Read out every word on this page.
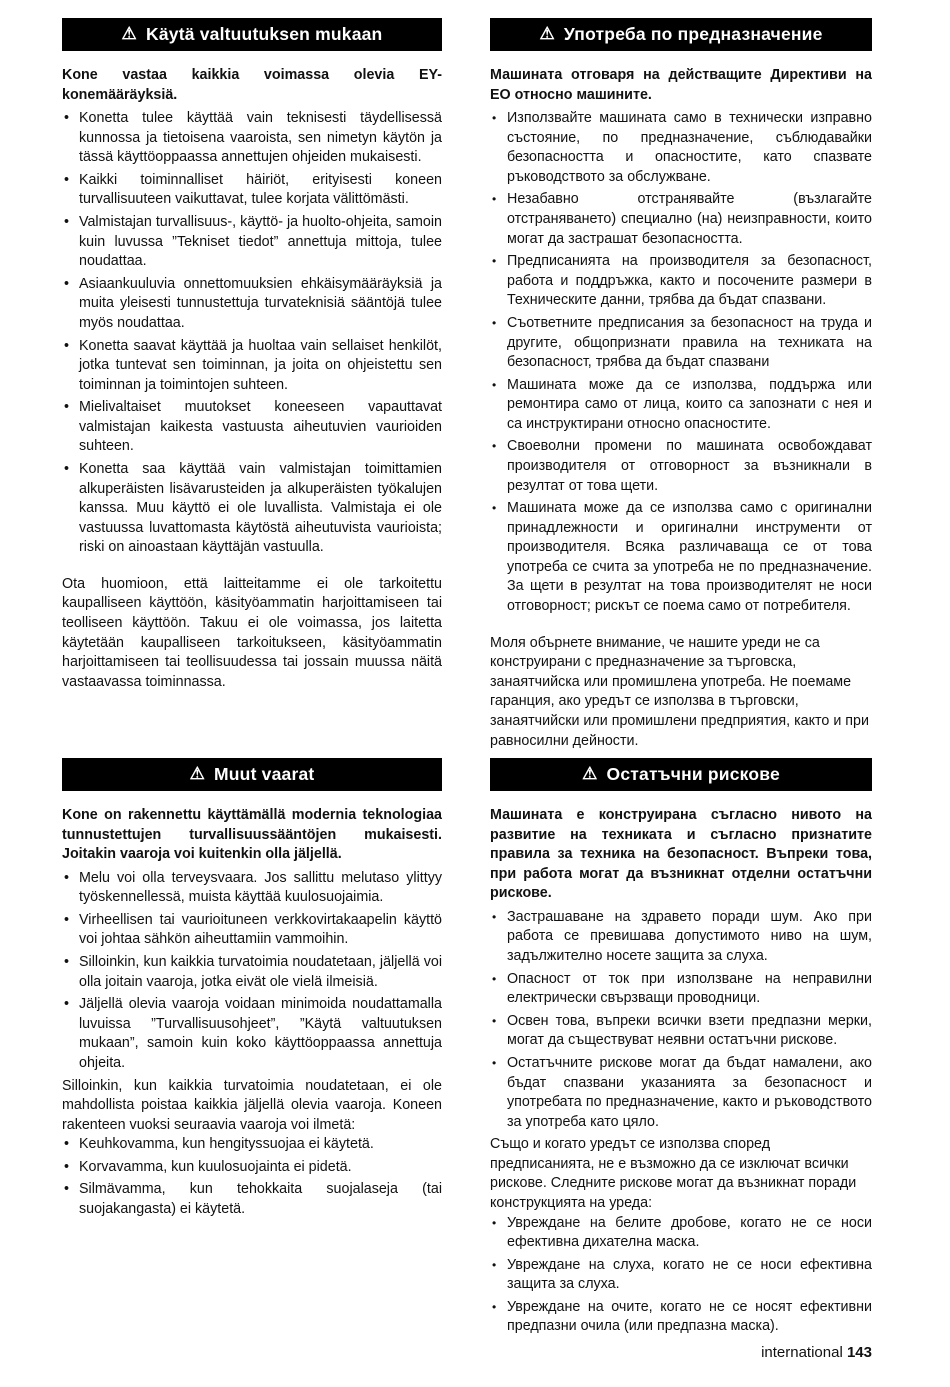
⚠ Käytä valtuutuksen mukaan

Kone vastaa kaikkia voimassa olevia EY-konemääräyksiä.

• Konetta tulee käyttää vain teknisesti täydellisessä kunnossa ja tietoisena vaaroista, sen nimetyn käytön ja tässä käyttöoppaassa annettujen ohjeiden mukaisesti.
• Kaikki toiminnalliset häiriöt, erityisesti koneen turvallisuuteen vaikuttavat, tulee korjata välittömästi.
• Valmistajan turvallisuus-, käyttö- ja huolto-ohjeita, samoin kuin luvussa ”Tekniset tiedot” annettuja mittoja, tulee noudattaa.
• Asiaankuuluvia onnettomuuksien ehkäisymääräyksiä ja muita yleisesti tunnustettuja turvateknisiä sääntöjä tulee myös noudattaa.
• Konetta saavat käyttää ja huoltaa vain sellaiset henkilöt, jotka tuntevat sen toiminnan, ja joita on ohjeistettu sen toiminnan ja toimintojen suhteen.
• Mielivaltaiset muutokset koneeseen vapauttavat valmistajan kaikesta vastuusta aiheutuvien vaurioiden suhteen.
• Konetta saa käyttää vain valmistajan toimittamien alkuperäisten lisävarusteiden ja alkuperäisten työkalujen kanssa. Muu käyttö ei ole luvallista. Valmistaja ei ole vastuussa luvattomasta käytöstä aiheutuvista vaurioista; riski on ainoastaan käyttäjän vastuulla.

Ota huomioon, että laitteitamme ei ole tarkoitettu kaupalliseen käyttöön, käsityöammatin harjoittamiseen tai teolliseen käyttöön. Takuu ei ole voimassa, jos laitetta käytetään kaupalliseen tarkoitukseen, käsityöammatin harjoittamiseen tai teollisuudessa tai jossain muussa näitä vastaavassa toiminnassa.

⚠ Muut vaarat

Kone on rakennettu käyttämällä modernia teknologiaa tunnustettujen turvallisuussääntöjen mukaisesti. Joitakin vaaroja voi kuitenkin olla jäljellä.

• Melu voi olla terveysvaara. Jos sallittu melutaso ylittyy työskennellessä, muista käyttää kuulosuojaimia.
• Virheellisen tai vaurioituneen verkkovirtakaapelin käyttö voi johtaa sähkön aiheuttamiin vammoihin.
• Silloinkin, kun kaikkia turvatoimia noudatetaan, jäljellä voi olla joitain vaaroja, jotka eivät ole vielä ilmeisiä.
• Jäljellä olevia vaaroja voidaan minimoida noudattamalla luvuissa ”Turvallisuusohjeet”, ”Käytä valtuutuksen mukaan”, samoin kuin koko käyttöoppaassa annettuja ohjeita.

Silloinkin, kun kaikkia turvatoimia noudatetaan, ei ole mahdollista poistaa kaikkia jäljellä olevia vaaroja. Koneen rakenteen vuoksi seuraavia vaaroja voi ilmetä:

• Keuhkovamma, kun hengityssuojaa ei käytetä.
• Korvavamma, kun kuulosuojainta ei pidetä.
• Silmävamma, kun tehokkaita suojalaseja (tai suojakangasta) ei käytetä.
⚠ Употреба по предназначение

Машината отговаря на действащите Директиви на ЕО относно машините.

• Използвайте машината само в технически изправно състояние, по предназначение, съблюдавайки безопасността и опасностите, като спазвате ръководството за обслужване.
• Незабавно отстранявайте (възлагайте отстраняването) специално (на) неизправности, които могат да застрашат безопасността.
• Предписанията на производителя за безопасност, работа и поддръжка, както и посочените размери в Техническите данни, трябва да бъдат спазвани.
• Съответните предписания за безопасност на труда и другите, общопризнати правила на техниката на безопасност, трябва да бъдат спазвани
• Машината може да се използва, поддържа или ремонтира само от лица, които са запознати с нея и са инструктирани относно опасностите.
• Своеволни промени по машината освобождават производителя от отговорност за възникнали в резултат от това щети.
• Машината може да се използва само с оригинални принадлежности и оригинални инструменти от производителя. Всяка различаваща се от това употреба се счита за употреба не по предназначение. За щети в резултат на това производителят не носи отговорност; рискът се поема само от потребителя.

Моля обърнете внимание, че нашите уреди не са конструирани с предназначение за търговска, занаятчийска или промишлена употреба. Не поемаме гаранция, ако уредът се използва в търговски, занаятчийски или промишлени предприятия, както и при равносилни дейности.

⚠ Остатъчни рискове

Машината е конструирана съгласно нивото на развитие на техниката и съгласно признатите правила за техника на безопасност. Въпреки това, при работа могат да възникнат отделни остатъчни рискове.

• Застрашаване на здравето поради шум. Ако при работа се превишава допустимото ниво на шум, задължително носете защита за слуха.
• Опасност от ток при използване на неправилни електрически свързващи проводници.
• Освен това, въпреки всички взети предпазни мерки, могат да съществуват неявни остатъчни рискове.
• Остатъчните рискове могат да бъдат намалени, ако бъдат спазвани указанията за безопасност и употребата по предназначение, както и ръководството за употреба като цяло.

Също и когато уредът се използва според предписанията, не е възможно да се изключат всички рискове. Следните рискове могат да възникнат поради конструкцията на уреда:

• Увреждане на белите дробове, когато не се носи ефективна дихателна маска.
• Увреждане на слуха, когато не се носи ефективна защита за слуха.
• Увреждане на очите, когато не се носят ефективни предпазни очила (или предпазна маска).
international 143
